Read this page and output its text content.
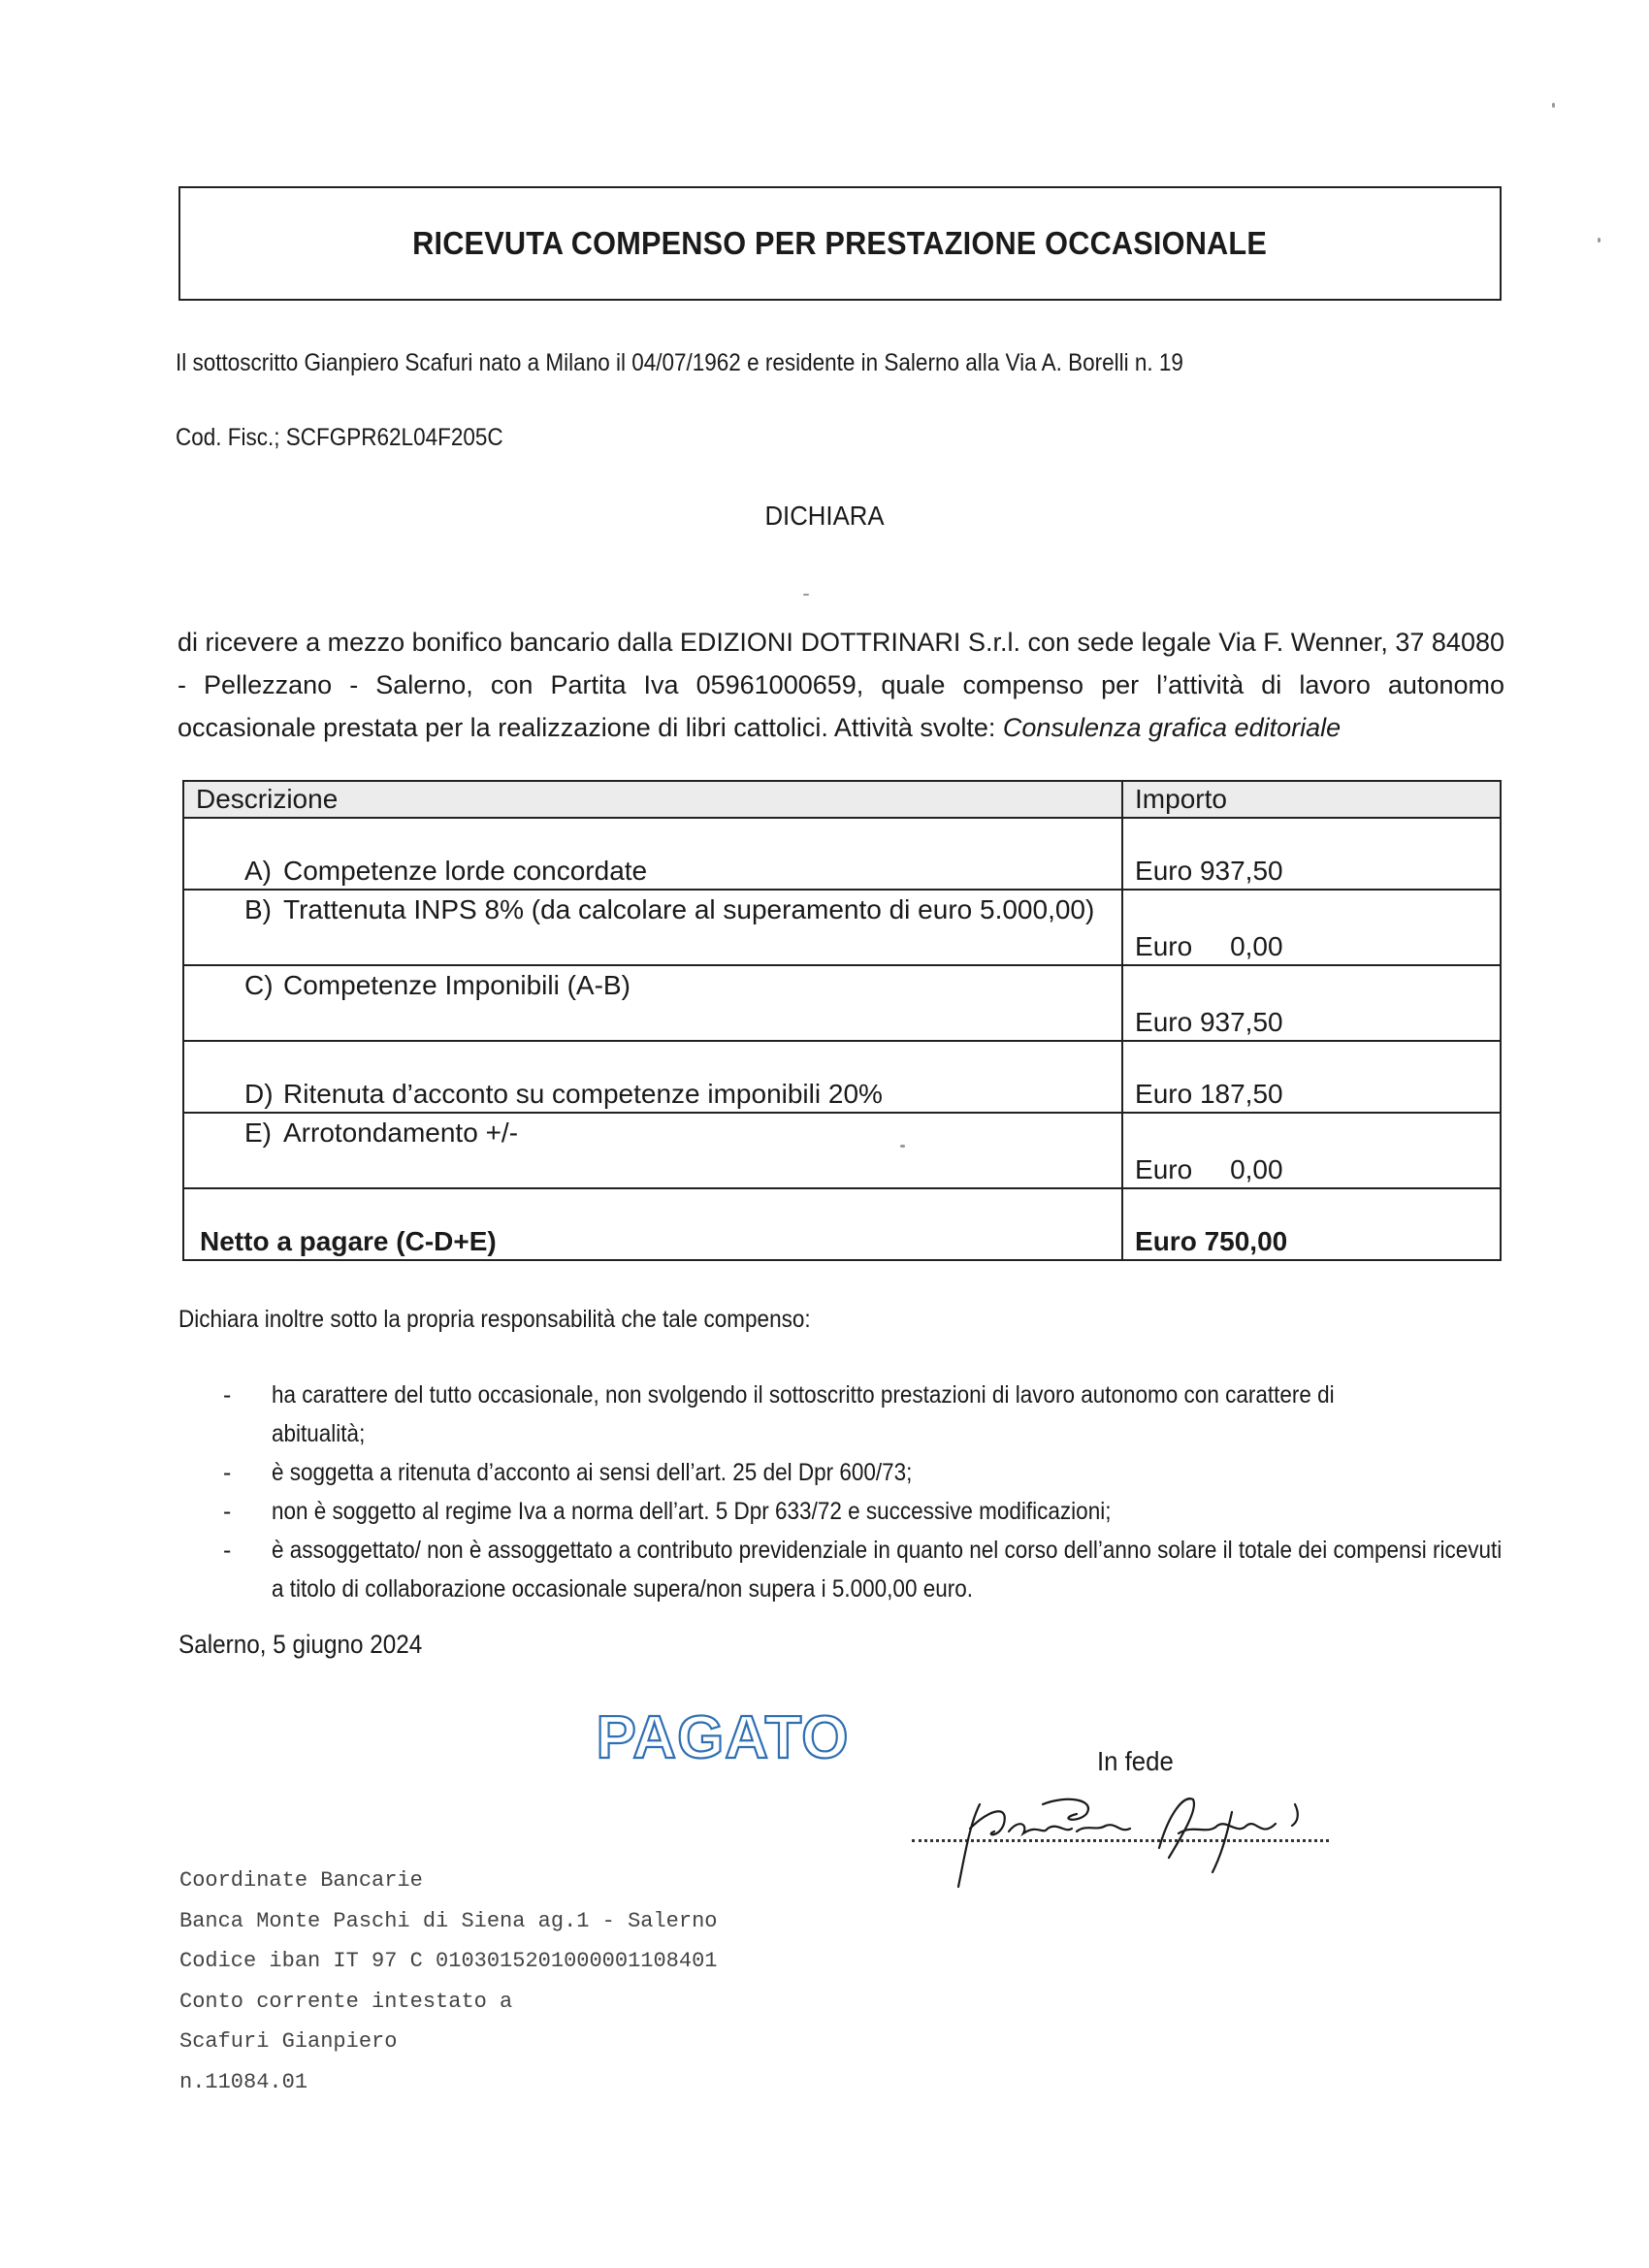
RICEVUTA COMPENSO PER PRESTAZIONE OCCASIONALE
Il sottoscritto Gianpiero Scafuri nato a Milano il 04/07/1962 e residente in Salerno alla Via A. Borelli n. 19
Cod. Fisc.; SCFGPR62L04F205C
DICHIARA
di ricevere a mezzo bonifico bancario dalla EDIZIONI DOTTRINARI S.r.l. con sede legale Via F. Wenner, 37 84080 - Pellezzano - Salerno, con Partita Iva 05961000659, quale compenso per l’attività di lavoro autonomo occasionale prestata per la realizzazione di libri cattolici. Attività svolte: Consulenza grafica editoriale
Descrizione	Importo

A) Competenze lorde concordate	Euro 937,50

B) Trattenuta INPS 8% (da calcolare al superamento di euro 5.000,00)	Euro     0,00

C) Competenze Imponibili (A-B)	Euro 937,50

D) Ritenuta d’acconto su competenze imponibili 20%	Euro 187,50

E) Arrotondamento +/-	Euro     0,00

Netto a pagare (C-D+E)	Euro 750,00
Dichiara inoltre sotto la propria responsabilità che tale compenso:
- ha carattere del tutto occasionale, non svolgendo il sottoscritto prestazioni di lavoro autonomo con carattere di abitualità;
- è soggetta a ritenuta d’acconto ai sensi dell’art. 25 del Dpr 600/73;
- non è soggetto al regime Iva a norma dell’art. 5 Dpr 633/72 e successive modificazioni;
- è assoggettato/ non è assoggettato a contributo previdenziale in quanto nel corso dell’anno solare il totale dei compensi ricevuti a titolo di collaborazione occasionale supera/non supera i 5.000,00 euro.
Salerno, 5 giugno 2024
PAGATO	In fede
Coordinate Bancarie
Banca Monte Paschi di Siena ag.1 - Salerno
Codice iban IT 97 C 0103015201000001108401
Conto corrente intestato a
Scafuri Gianpiero
n.11084.01
